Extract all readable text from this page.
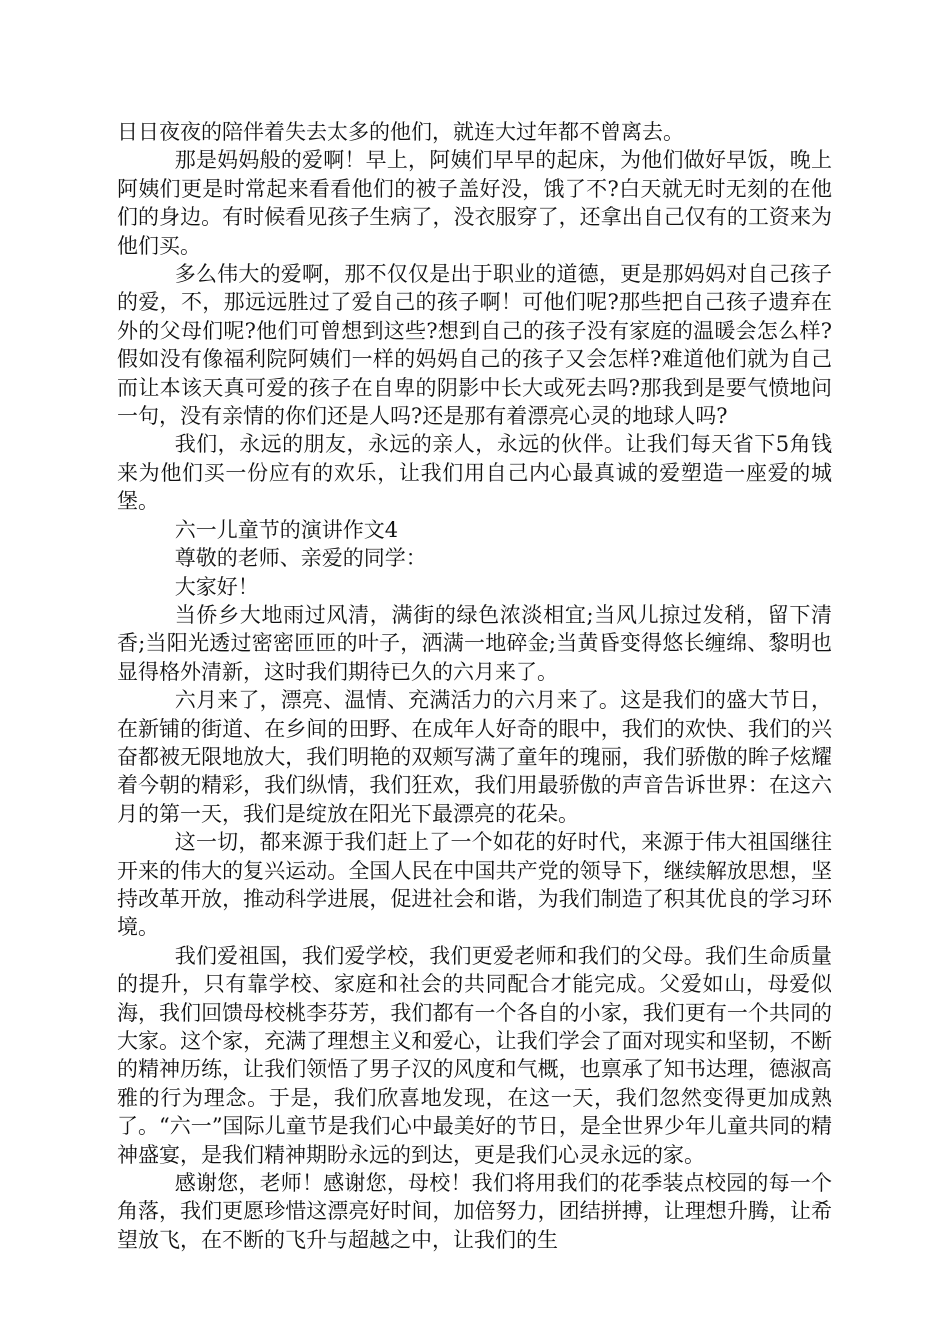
日日夜夜的陪伴着失去太多的他们，就连大过年都不曾离去。

那是妈妈般的爱啊！早上，阿姨们早早的起床，为他们做好早饭，晚上阿姨们更是时常起来看看他们的被子盖好没，饿了不?白天就无时无刻的在他们的身边。有时候看见孩子生病了，没衣服穿了，还拿出自己仅有的工资来为他们买。

多么伟大的爱啊，那不仅仅是出于职业的道德，更是那妈妈对自己孩子的爱，不，那远远胜过了爱自己的孩子啊！可他们呢?那些把自己孩子遗弃在外的父母们呢?他们可曾想到这些?想到自己的孩子没有家庭的温暖会怎么样?假如没有像福利院阿姨们一样的妈妈自己的孩子又会怎样?难道他们就为自己而让本该天真可爱的孩子在自卑的阴影中长大或死去吗?那我到是要气愤地问一句，没有亲情的你们还是人吗?还是那有着漂亮心灵的地球人吗?

我们，永远的朋友，永远的亲人，永远的伙伴。让我们每天省下5角钱来为他们买一份应有的欢乐，让我们用自己内心最真诚的爱塑造一座爱的城堡。

六一儿童节的演讲作文4

尊敬的老师、亲爱的同学：

大家好！

当侨乡大地雨过风清，满街的绿色浓淡相宜;当风儿掠过发稍，留下清香;当阳光透过密密匝匝的叶子，洒满一地碎金;当黄昏变得悠长缠绵、黎明也显得格外清新，这时我们期待已久的六月来了。

六月来了，漂亮、温情、充满活力的六月来了。这是我们的盛大节日，在新铺的街道、在乡间的田野、在成年人好奇的眼中，我们的欢快、我们的兴奋都被无限地放大，我们明艳的双颊写满了童年的瑰丽，我们骄傲的眸子炫耀着今朝的精彩，我们纵情，我们狂欢，我们用最骄傲的声音告诉世界：在这六月的第一天，我们是绽放在阳光下最漂亮的花朵。

这一切，都来源于我们赶上了一个如花的好时代，来源于伟大祖国继往开来的伟大的复兴运动。全国人民在中国共产党的领导下，继续解放思想，坚持改革开放，推动科学进展，促进社会和谐，为我们制造了积其优良的学习环境。

我们爱祖国，我们爱学校，我们更爱老师和我们的父母。我们生命质量的提升，只有靠学校、家庭和社会的共同配合才能完成。父爱如山，母爱似海，我们回馈母校桃李芬芳，我们都有一个各自的小家，我们更有一个共同的大家。这个家，充满了理想主义和爱心，让我们学会了面对现实和坚韧，不断的精神历练，让我们领悟了男子汉的风度和气概，也禀承了知书达理，德淑高雅的行为理念。于是，我们欣喜地发现，在这一天，我们忽然变得更加成熟了。“六一”国际儿童节是我们心中最美好的节日，是全世界少年儿童共同的精神盛宴，是我们精神期盼永远的到达，更是我们心灵永远的家。

感谢您，老师！感谢您，母校！我们将用我们的花季装点校园的每一个角落，我们更愿珍惜这漂亮好时间，加倍努力，团结拼搏，让理想升腾，让希望放飞，在不断的飞升与超越之中，让我们的生
